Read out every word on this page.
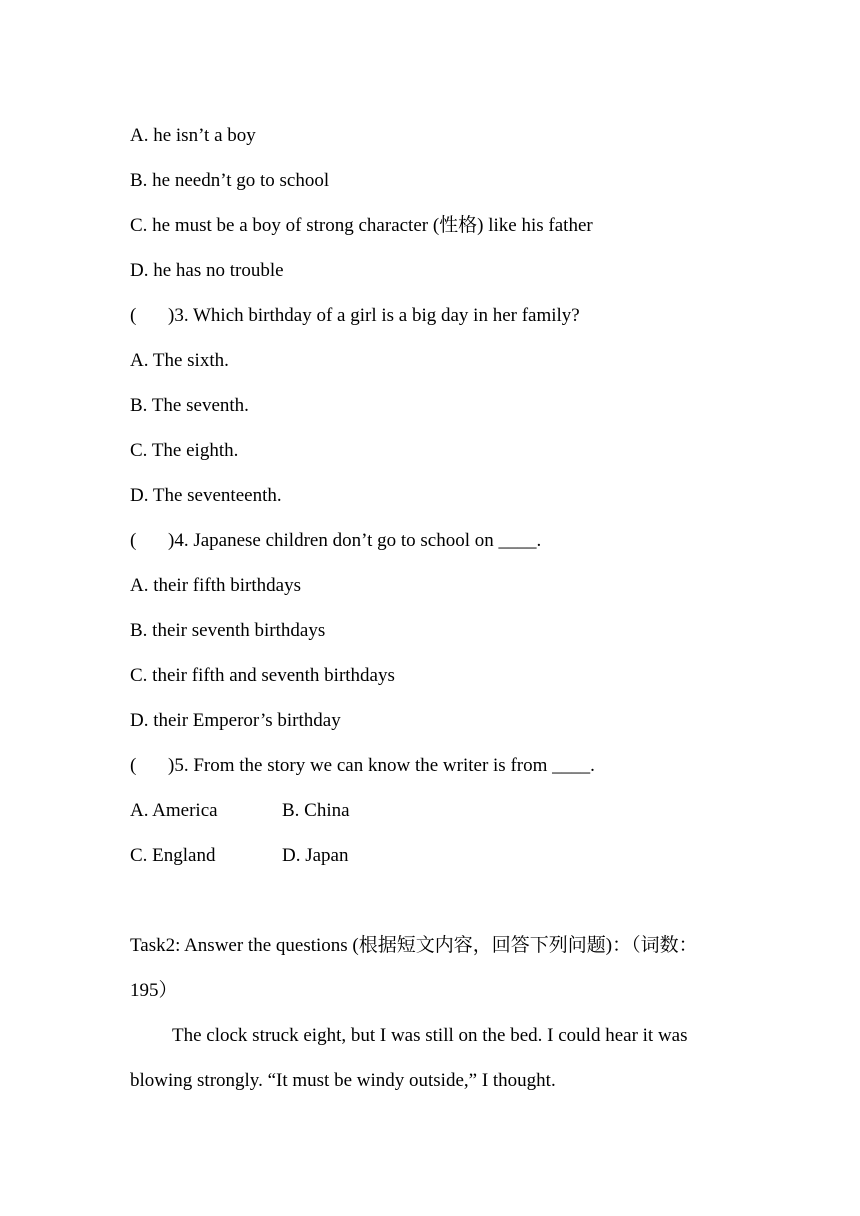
A. he isn’t a boy
B. he needn’t go to school
C. he must be a boy of strong character (性格) like his father
D. he has no trouble
( )3. Which birthday of a girl is a big day in her family?
A. The sixth.
B. The seventh.
C. The eighth.
D. The seventeenth.
( )4. Japanese children don’t go to school on ____.
A. their fifth birthdays
B. their seventh birthdays
C. their fifth and seventh birthdays
D. their Emperor’s birthday
( )5. From the story we can know the writer is from ____.
A. America	B. China
C. England	D. Japan
Task2: Answer the questions (根据短文内容，回答下列问题)：（词数：
195）
The clock struck eight, but I was still on the bed. I could hear it was
blowing strongly. “It must be windy outside,” I thought.
